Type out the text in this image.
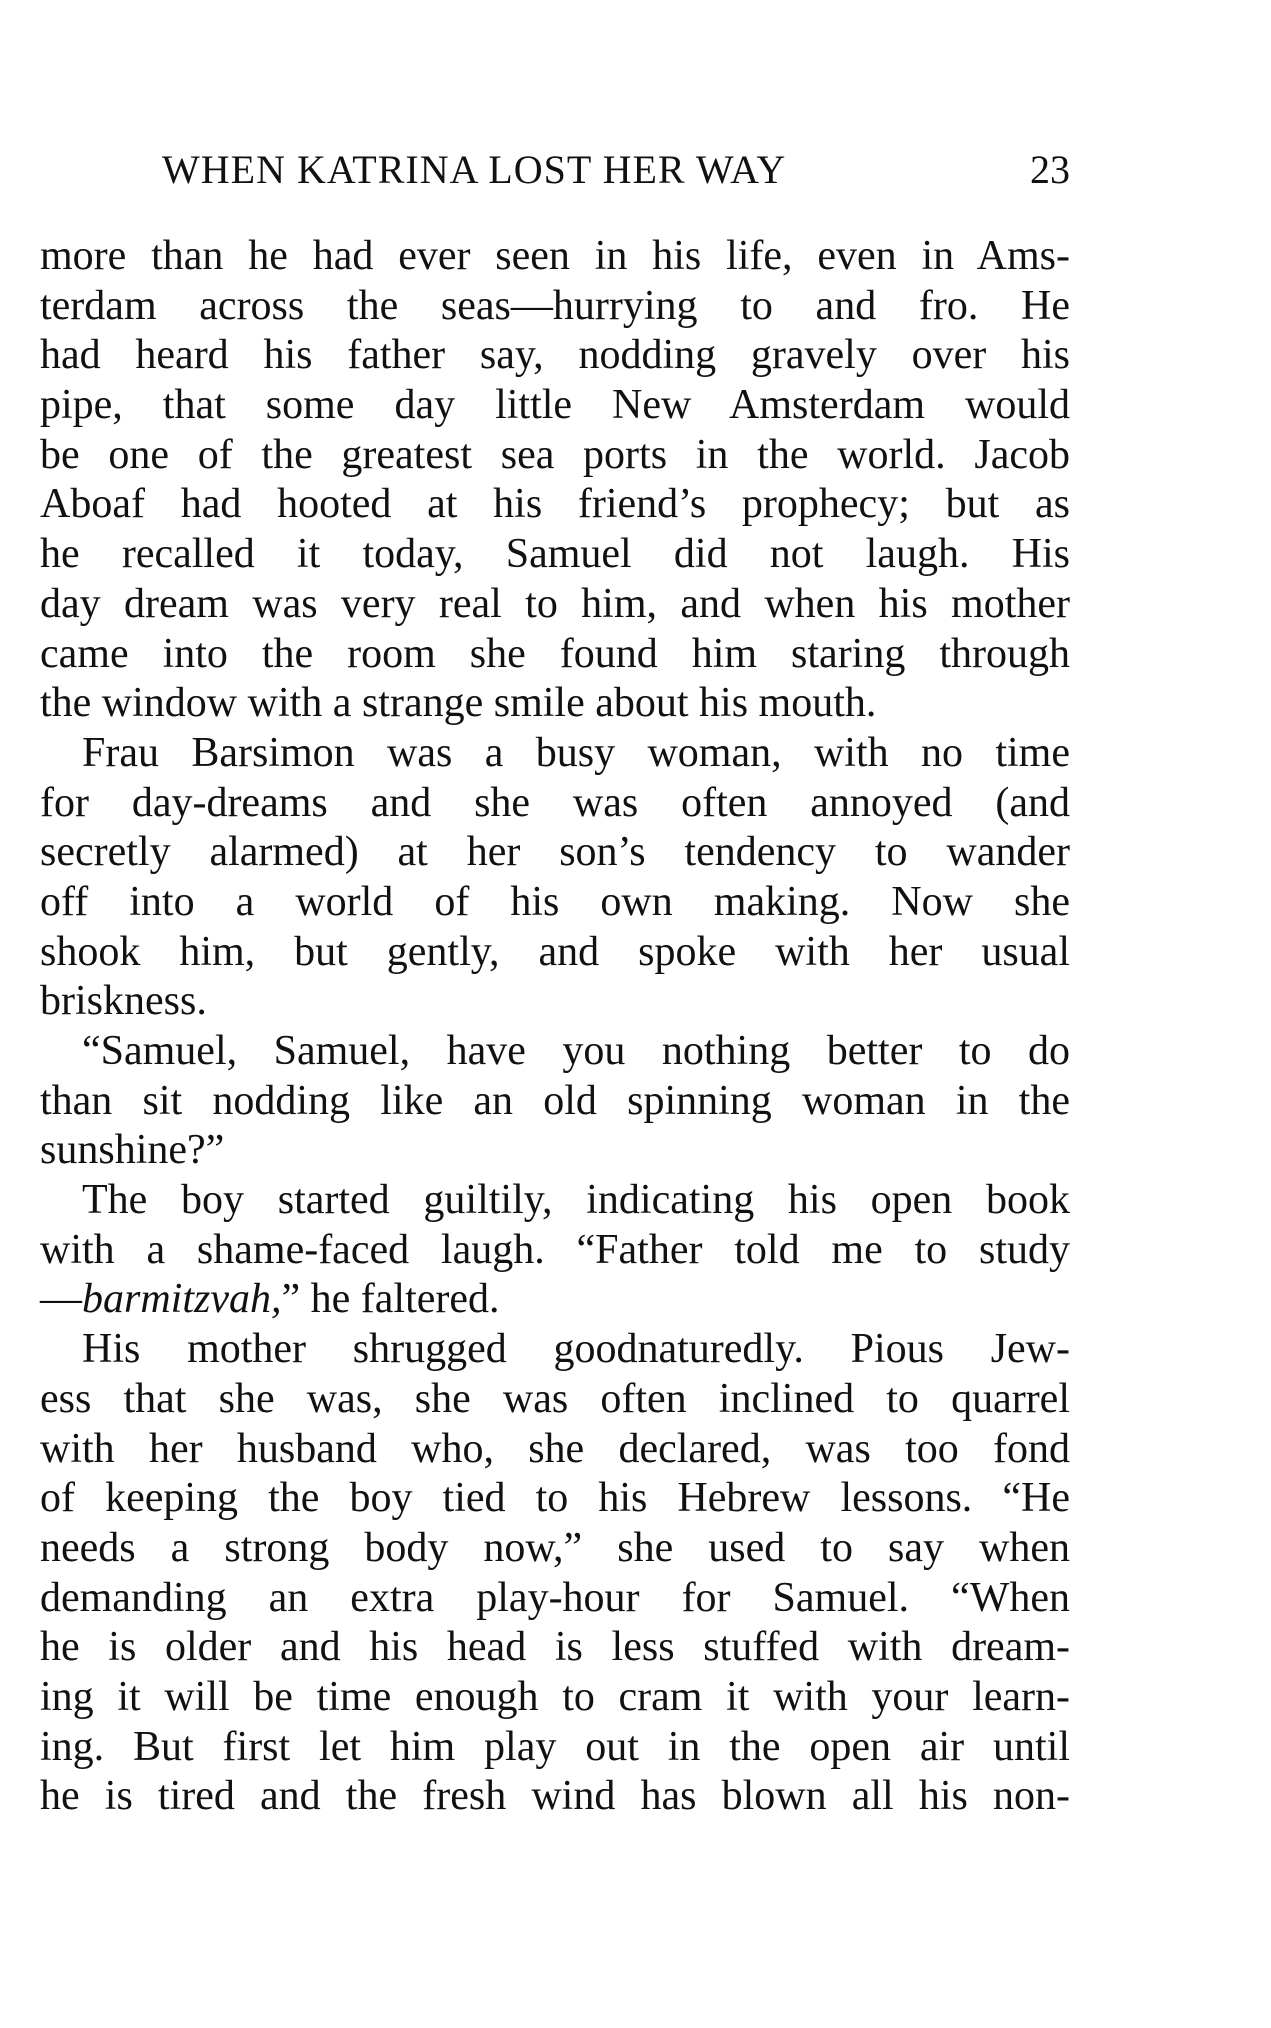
WHEN KATRINA LOST HER WAY	23
more than he had ever seen in his life, even in Ams-
terdam across the seas—hurrying to and fro. He
had heard his father say, nodding gravely over his
pipe, that some day little New Amsterdam would
be one of the greatest sea ports in the world. Jacob
Aboaf had hooted at his friend’s prophecy; but as
he recalled it today, Samuel did not laugh. His
day dream was very real to him, and when his mother
came into the room she found him staring through
the window with a strange smile about his mouth.
Frau Barsimon was a busy woman, with no time
for day-dreams and she was often annoyed (and
secretly alarmed) at her son’s tendency to wander
off into a world of his own making. Now she
shook him, but gently, and spoke with her usual
briskness.
“Samuel, Samuel, have you nothing better to do
than sit nodding like an old spinning woman in the
sunshine?”
The boy started guiltily, indicating his open book
with a shame-faced laugh. “Father told me to study
—barmitzvah,” he faltered.
His mother shrugged goodnaturedly. Pious Jew-
ess that she was, she was often inclined to quarrel
with her husband who, she declared, was too fond
of keeping the boy tied to his Hebrew lessons. “He
needs a strong body now,” she used to say when
demanding an extra play-hour for Samuel. “When
he is older and his head is less stuffed with dream-
ing it will be time enough to cram it with your learn-
ing. But first let him play out in the open air until
he is tired and the fresh wind has blown all his non-
